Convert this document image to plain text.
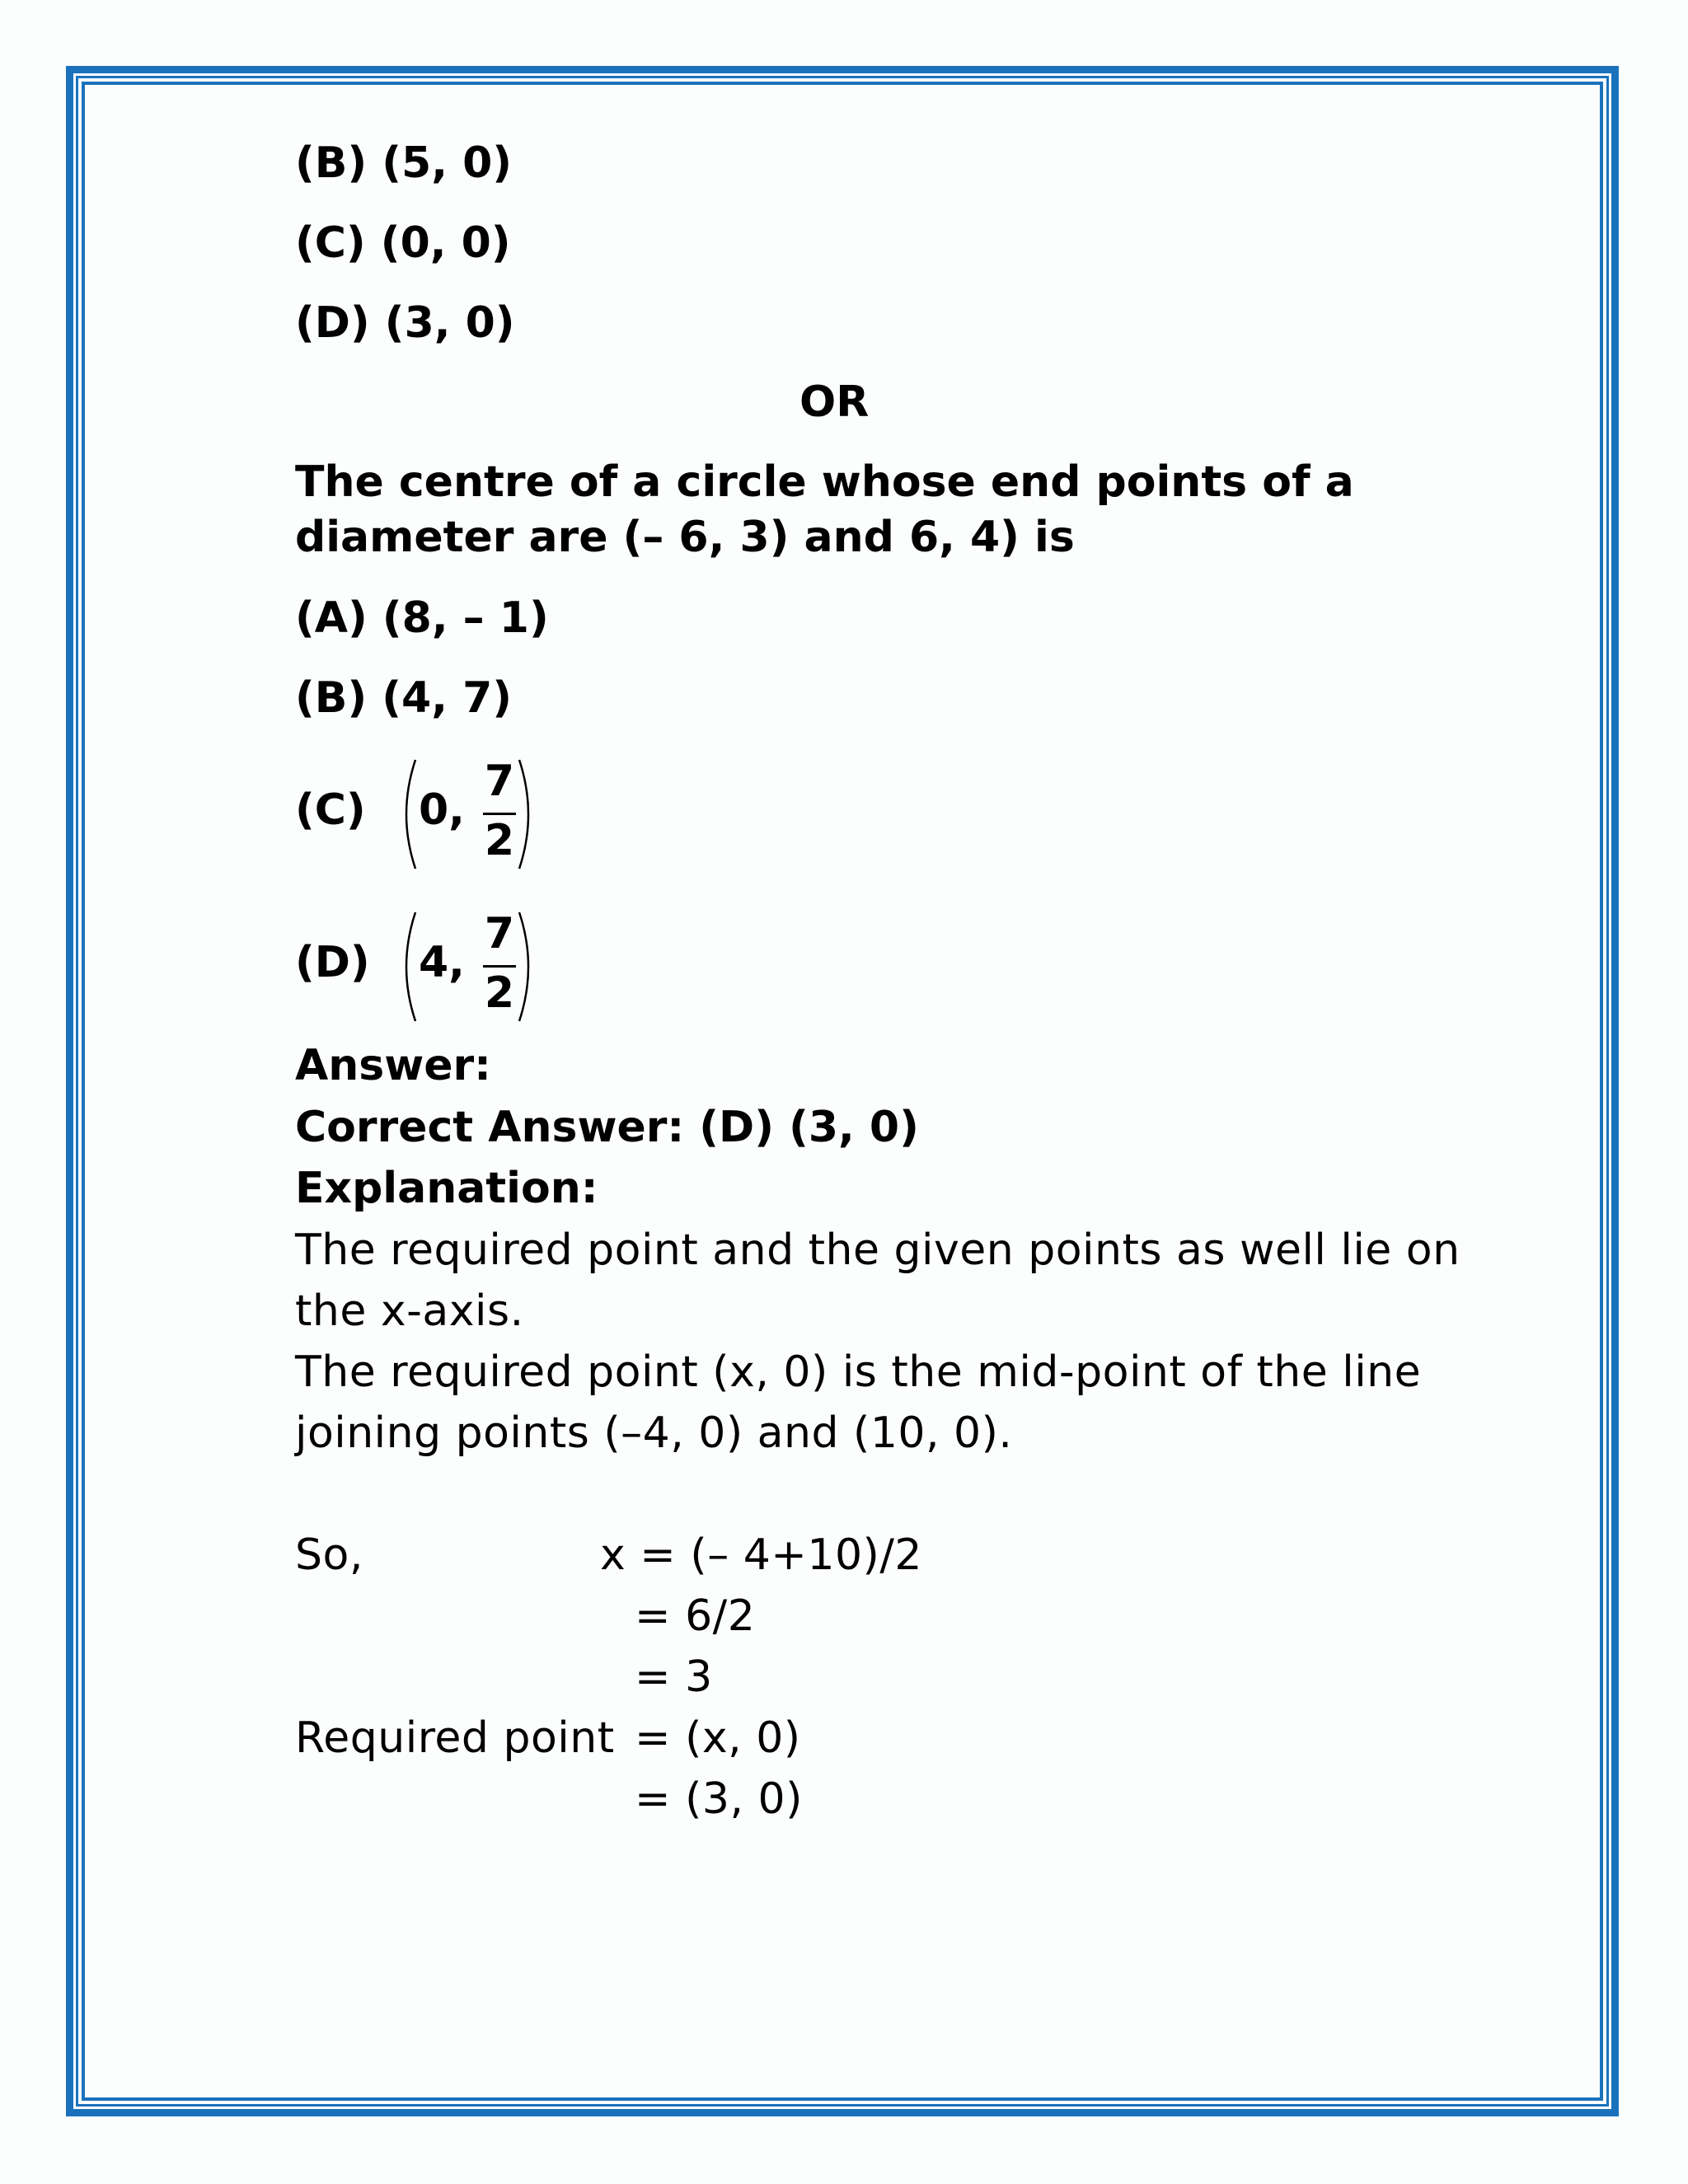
(B) (5, 0)
(C) (0, 0)
(D) (3, 0)
OR
The centre of a circle whose end points of a
diameter are (– 6, 3) and 6, 4) is
(A) (8, – 1)
(B) (4, 7)
(C) 0,
7
2
(D) 4,
7
2
Answer:
Correct Answer: (D) (3, 0)
Explanation:
The required point and the given points as well lie on
the x-axis.
The required point (x, 0) is the mid-point of the line
joining points (–4, 0) and (10, 0).
So,	x = (– 4+10)/2
= 6/2
= 3
Required point = (x, 0)
= (3, 0)
